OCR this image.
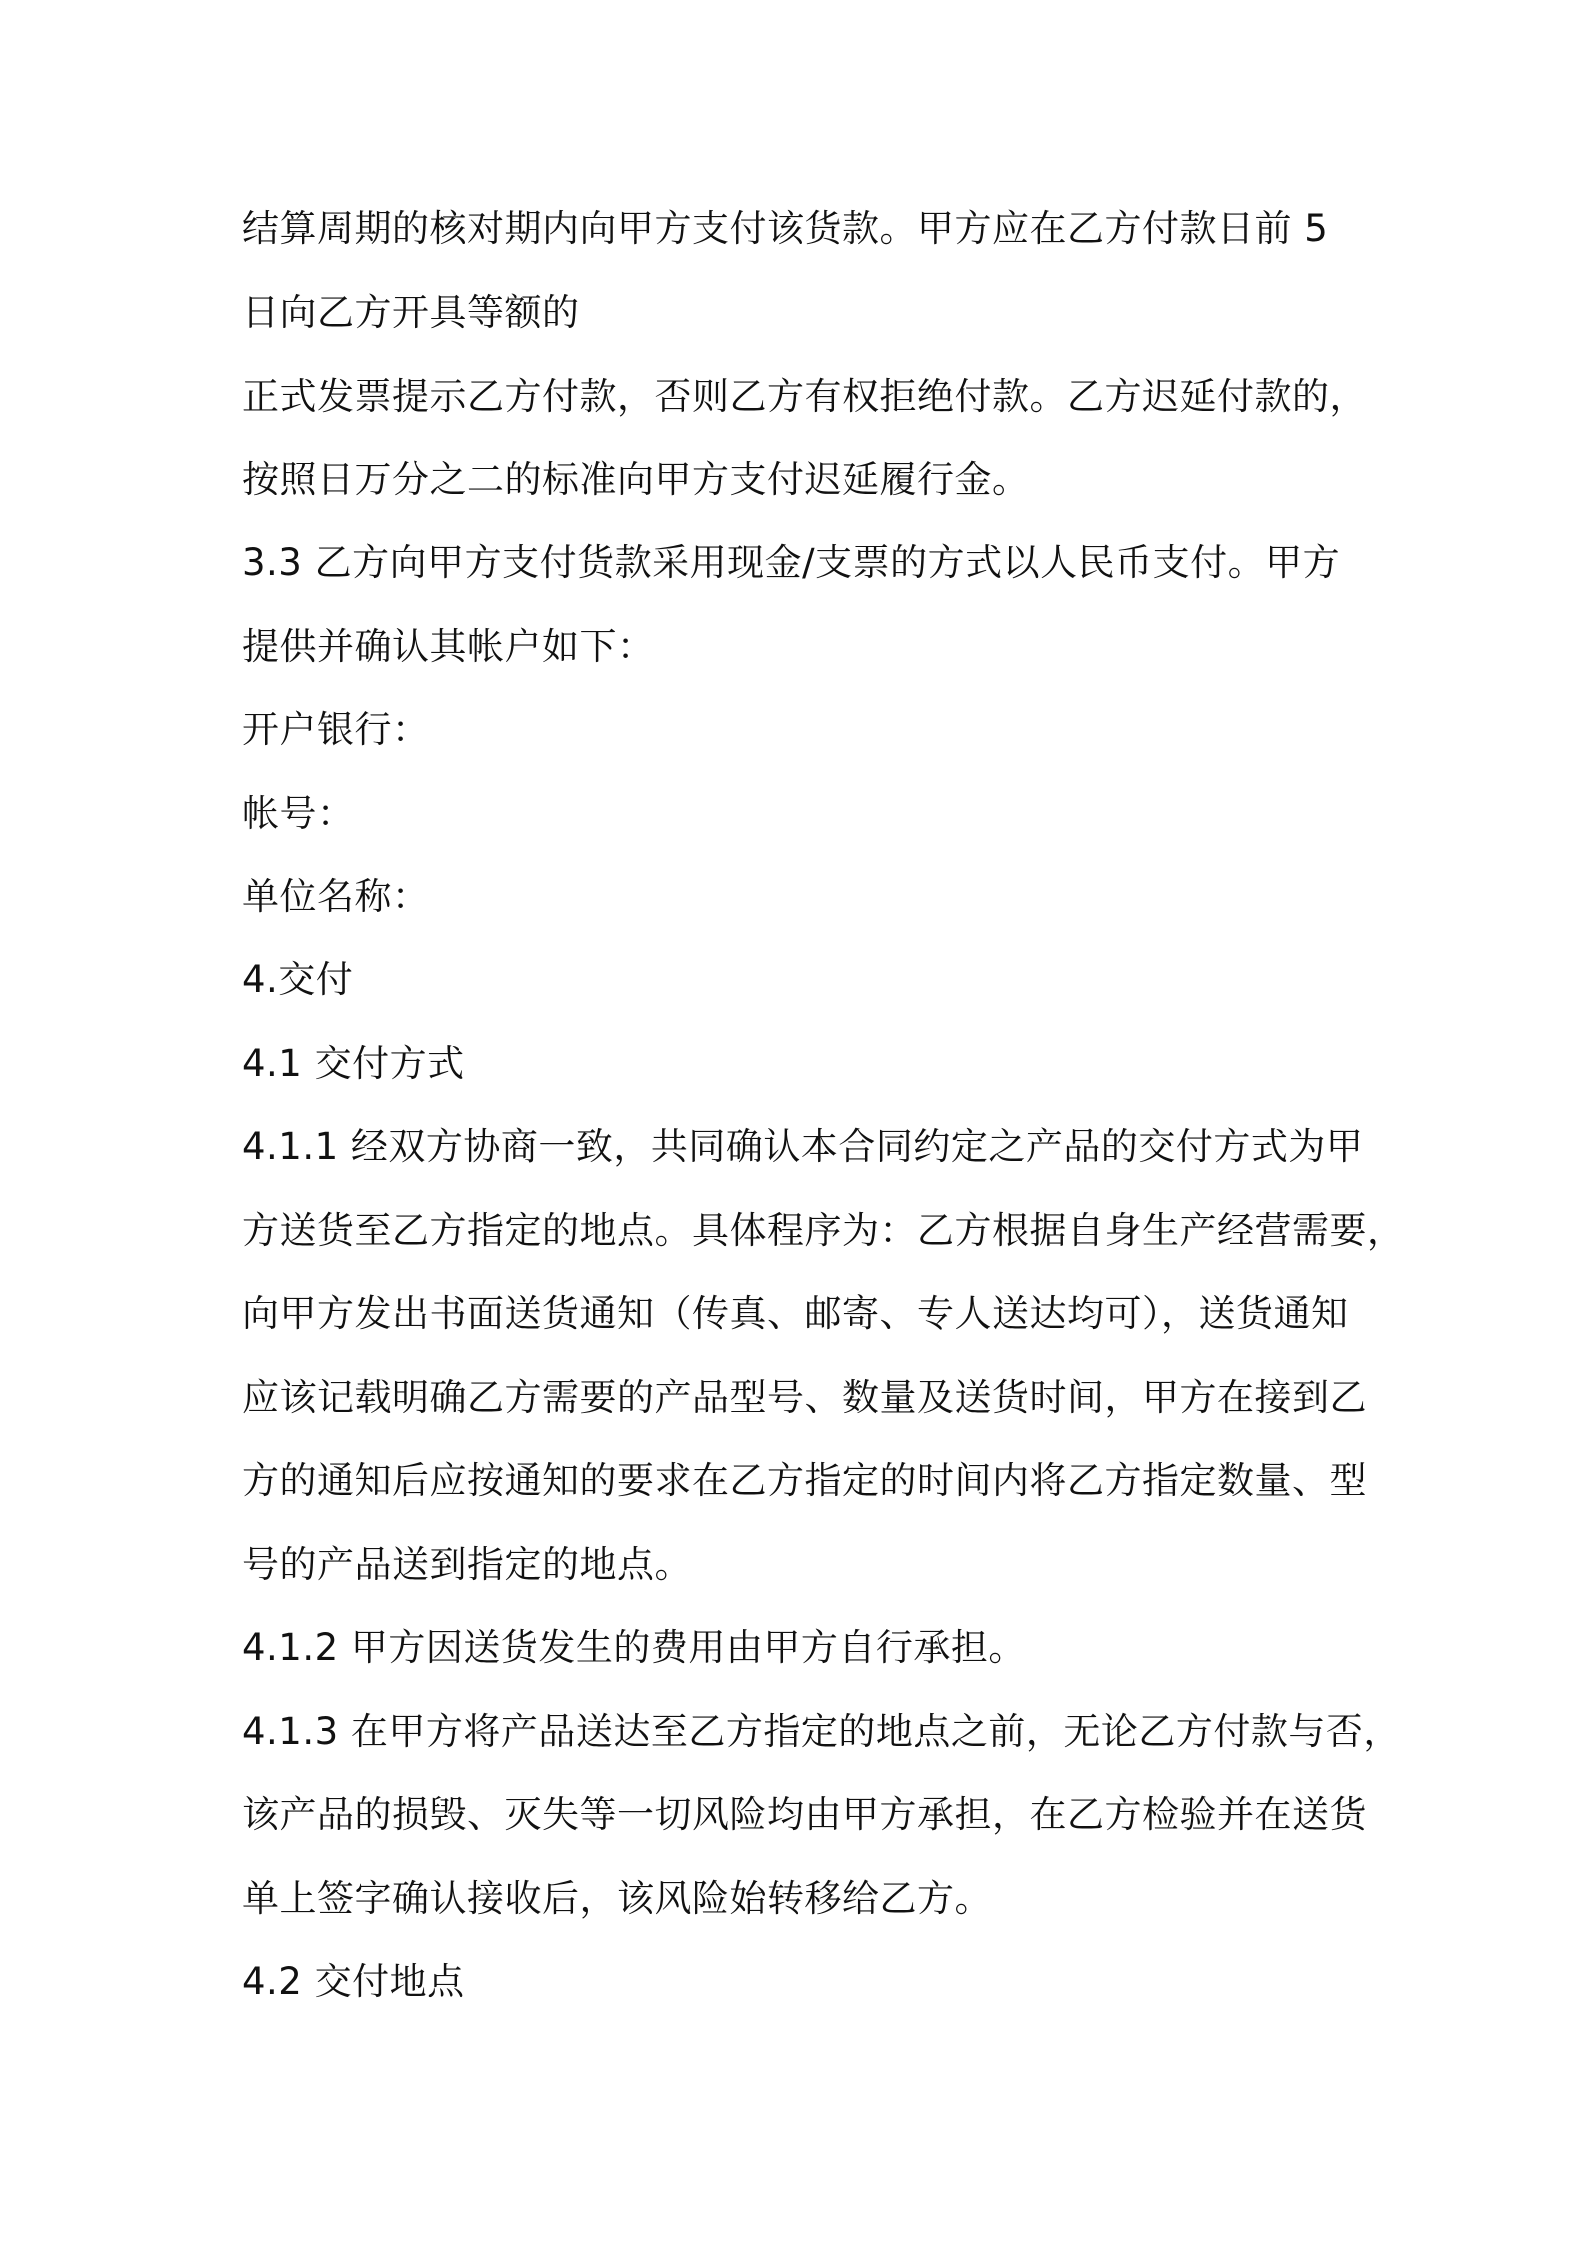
结算周期的核对期内向甲方支付该货款。甲方应在乙方付款日前 5

日向乙方开具等额的

正式发票提示乙方付款，否则乙方有权拒绝付款。乙方迟延付款的，

按照日万分之二的标准向甲方支付迟延履行金。

3.3 乙方向甲方支付货款采用现金/支票的方式以人民币支付。甲方

提供并确认其帐户如下：

开户银行：

帐号：

单位名称：

4.交付

4.1 交付方式

4.1.1 经双方协商一致，共同确认本合同约定之产品的交付方式为甲

方送货至乙方指定的地点。具体程序为：乙方根据自身生产经营需要，

向甲方发出书面送货通知（传真、邮寄、专人送达均可），送货通知

应该记载明确乙方需要的产品型号、数量及送货时间，甲方在接到乙

方的通知后应按通知的要求在乙方指定的时间内将乙方指定数量、型

号的产品送到指定的地点。

4.1.2 甲方因送货发生的费用由甲方自行承担。

4.1.3 在甲方将产品送达至乙方指定的地点之前，无论乙方付款与否，

该产品的损毁、灭失等一切风险均由甲方承担，在乙方检验并在送货

单上签字确认接收后，该风险始转移给乙方。

4.2 交付地点
